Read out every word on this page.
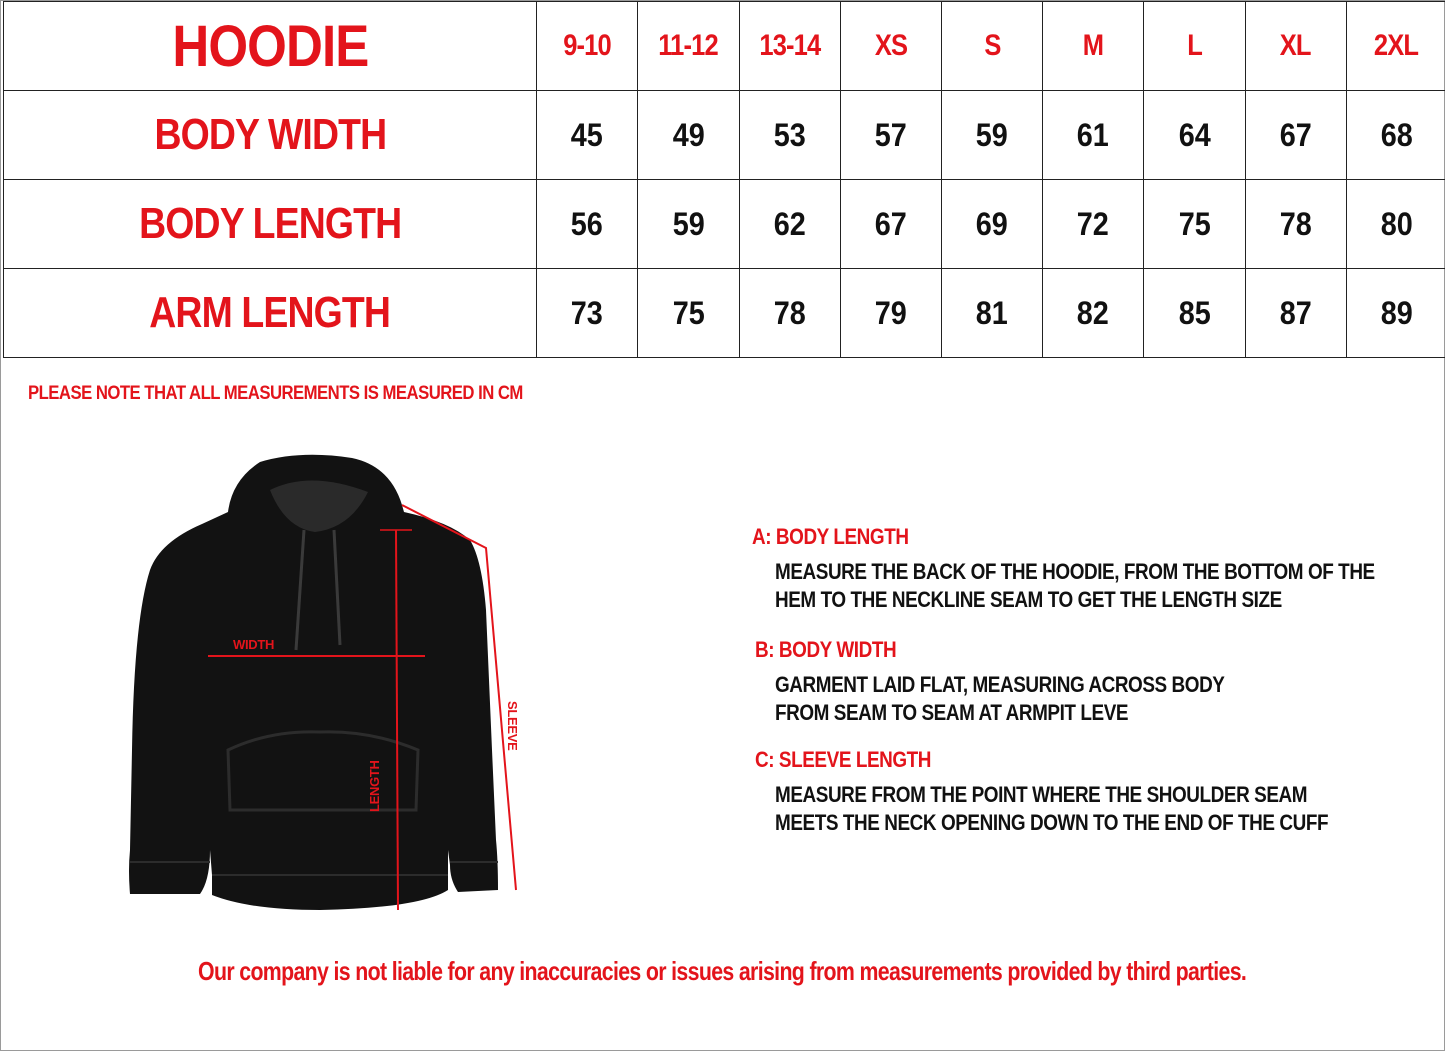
HOODIE	9-10	11-12	13-14	XS	S	M	L	XL	2XL
BODY WIDTH	45	49	53	57	59	61	64	67	68
BODY LENGTH	56	59	62	67	69	72	75	78	80
ARM LENGTH	73	75	78	79	81	82	85	87	89
PLEASE NOTE THAT ALL MEASUREMENTS IS MEASURED IN CM
WIDTH
LENGTH
SLEEVE
A: BODY LENGTH
MEASURE THE BACK OF THE HOODIE, FROM THE BOTTOM OF THE
HEM TO THE NECKLINE SEAM TO GET THE LENGTH SIZE
B: BODY WIDTH
GARMENT LAID FLAT, MEASURING ACROSS BODY
FROM SEAM TO SEAM AT ARMPIT LEVE
C: SLEEVE LENGTH
MEASURE FROM THE POINT WHERE THE SHOULDER SEAM
MEETS THE NECK OPENING DOWN TO THE END OF THE CUFF
Our company is not liable for any inaccuracies or issues arising from measurements provided by third parties.
